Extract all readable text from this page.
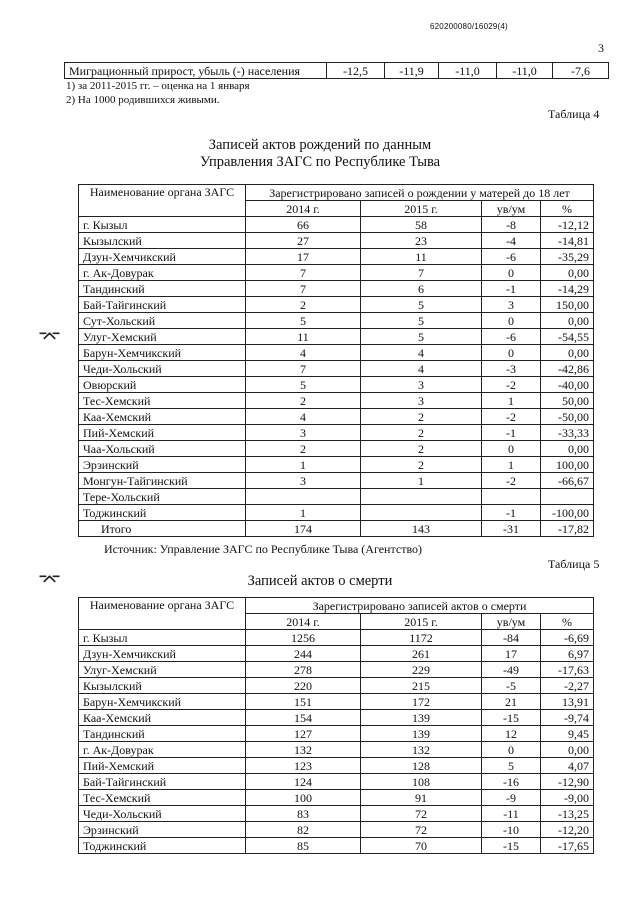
620200080/16029(4)
3
Миграционный прирост, убыль (-) населения	-12,5	-11,9	-11,0	-11,0	-7,6
1) за 2011-2015 гг. – оценка на 1 января
2) На 1000 родившихся живыми.
Таблица 4
Записей актов рождений по данным
Управления ЗАГС по Республике Тыва
Наименование органа ЗАГС	Зарегистрировано записей о рождении у матерей до 18 лет			
	2014 г.	2015 г.	ув/ум	%
г. Кызыл	66	58	-8	-12,12
Кызылский	27	23	-4	-14,81
Дзун-Хемчикский	17	11	-6	-35,29
г. Ак-Довурак	7	7	0	0,00
Тандинский	7	6	-1	-14,29
Бай-Тайгинский	2	5	3	150,00
Сут-Хольский	5	5	0	0,00
Улуг-Хемский	11	5	-6	-54,55
Барун-Хемчикский	4	4	0	0,00
Чеди-Хольский	7	4	-3	-42,86
Овюрский	5	3	-2	-40,00
Тес-Хемский	2	3	1	50,00
Каа-Хемский	4	2	-2	-50,00
Пий-Хемский	3	2	-1	-33,33
Чаа-Хольский	2	2	0	0,00
Эрзинский	1	2	1	100,00
Монгун-Тайгинский	3	1	-2	-66,67
Тере-Хольский				
Тоджинский	1		-1	-100,00
Итого	174	143	-31	-17,82
Источник: Управление ЗАГС по Республике Тыва (Агентство)
Таблица 5
Записей актов о смерти
Наименование органа ЗАГС	Зарегистрировано записей актов о смерти			
	2014 г.	2015 г.	ув/ум	%
г. Кызыл	1256	1172	-84	-6,69
Дзун-Хемчикский	244	261	17	6,97
Улуг-Хемский	278	229	-49	-17,63
Кызылский	220	215	-5	-2,27
Барун-Хемчикский	151	172	21	13,91
Каа-Хемский	154	139	-15	-9,74
Тандинский	127	139	12	9,45
г. Ак-Довурак	132	132	0	0,00
Пий-Хемский	123	128	5	4,07
Бай-Тайгинский	124	108	-16	-12,90
Тес-Хемский	100	91	-9	-9,00
Чеди-Хольский	83	72	-11	-13,25
Эрзинский	82	72	-10	-12,20
Тоджинский	85	70	-15	-17,65
⌤
⌤
